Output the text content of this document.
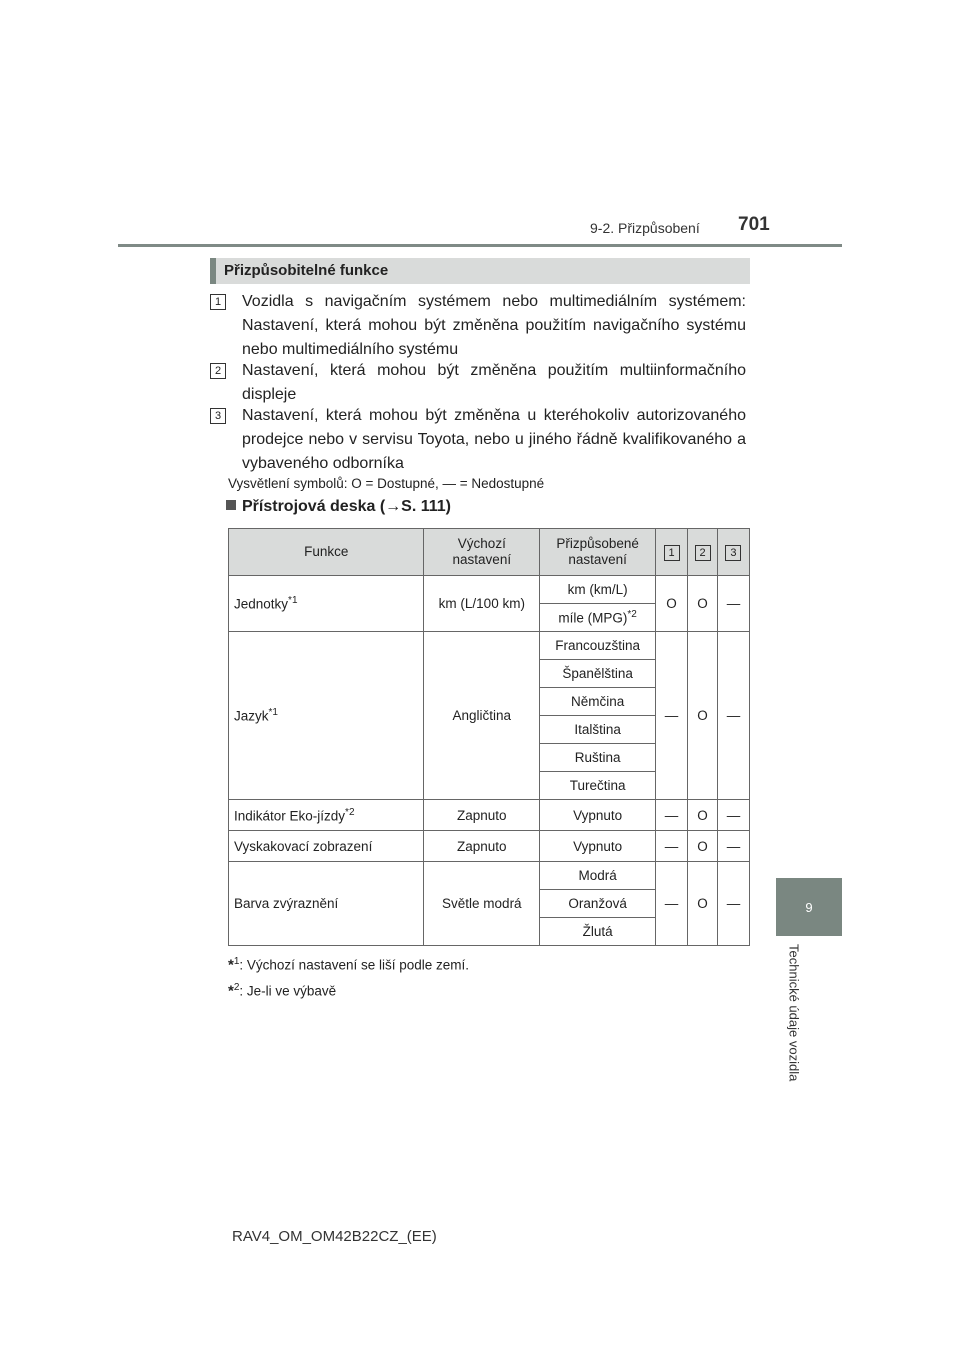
9-2. Přizpůsobení 701
9
Technické údaje vozidla
Přizpůsobitelné funkce
1	Vozidla s navigačním systémem nebo multimediálním systémem: Nastavení, která mohou být změněna použitím navigačního systému nebo multimediálního systému
2	Nastavení, která mohou být změněna použitím multiinformačního displeje
3	Nastavení, která mohou být změněna u kteréhokoliv autorizovaného prodejce nebo v servisu Toyota, nebo u jiného řádně kvalifikovaného a vybaveného odborníka
Vysvětlení symbolů: O = Dostupné, — = Nedostupné
Přístrojová deska (→S. 111)
Funkce	Výchozí nastavení	Přizpůsobené nastavení	1	2	3
Jednotky$^{*1}$	km (L/100 km)	km (km/L)	O	O	—
		míle (MPG)$^{*2}$
Jazyk$^{*1}$	Angličtina	Francouzština	—	O	—
		Španělština			
		Němčina			
		Italština			
		Ruština			
		Turečtina			
Indikátor Eko-jízdy$^{*2}$	Zapnuto	Vypnuto	—	O	—
Vyskakovací zobrazení	Zapnuto	Vypnuto	—	O	—
Barva zvýraznění	Světle modrá	Modrá	—	O	—
		Oranžová			
		Žlutá			
*$^1$: Výchozí nastavení se liší podle zemí.
*$^2$: Je-li ve výbavě
RAV4_OM_OM42B22CZ_(EE)
